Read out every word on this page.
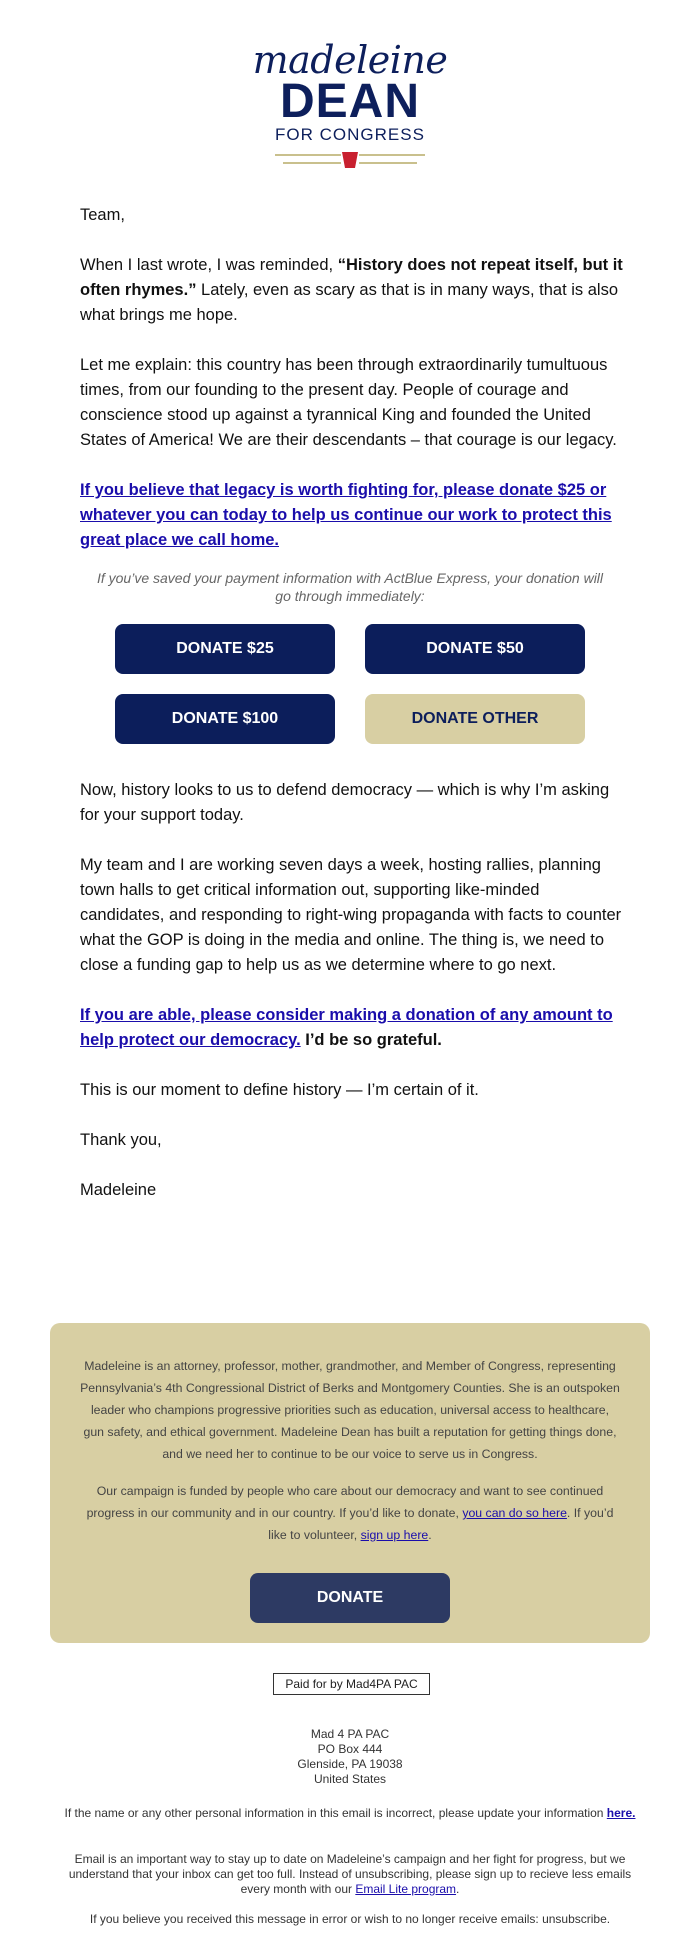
madeleine
DEAN
FOR CONGRESS

Team,

When I last wrote, I was reminded, “History does not repeat itself, but it often rhymes.” Lately, even as scary as that is in many ways, that is also what brings me hope.

Let me explain: this country has been through extraordinarily tumultuous times, from our founding to the present day. People of courage and conscience stood up against a tyrannical King and founded the United States of America! We are their descendants – that courage is our legacy.

If you believe that legacy is worth fighting for, please donate $25 or whatever you can today to help us continue our work to protect this great place we call home.

If you’ve saved your payment information with ActBlue Express, your donation will go through immediately:
DONATE $25	DONATE $50
DONATE $100	DONATE OTHER

Now, history looks to us to defend democracy — which is why I’m asking for your support today.

My team and I are working seven days a week, hosting rallies, planning town halls to get critical information out, supporting like-minded candidates, and responding to right-wing propaganda with facts to counter what the GOP is doing in the media and online. The thing is, we need to close a funding gap to help us as we determine where to go next.

If you are able, please consider making a donation of any amount to help protect our democracy. I’d be so grateful.

This is our moment to define history — I’m certain of it.

Thank you,

Madeleine

Madeleine is an attorney, professor, mother, grandmother, and Member of Congress, representing Pennsylvania’s 4th Congressional District of Berks and Montgomery Counties. She is an outspoken leader who champions progressive priorities such as education, universal access to healthcare, gun safety, and ethical government. Madeleine Dean has built a reputation for getting things done, and we need her to continue to be our voice to serve us in Congress.

Our campaign is funded by people who care about our democracy and want to see continued progress in our community and in our country. If you’d like to donate, you can do so here. If you’d like to volunteer, sign up here.

DONATE
Paid for by Mad4PA PAC
Mad 4 PA PAC
PO Box 444
Glenside, PA 19038
United States
If the name or any other personal information in this email is incorrect, please update your information here.
Email is an important way to stay up to date on Madeleine’s campaign and her fight for progress, but we understand that your inbox can get too full. Instead of unsubscribing, please sign up to recieve less emails every month with our Email Lite program.
If you believe you received this message in error or wish to no longer receive emails: unsubscribe.
